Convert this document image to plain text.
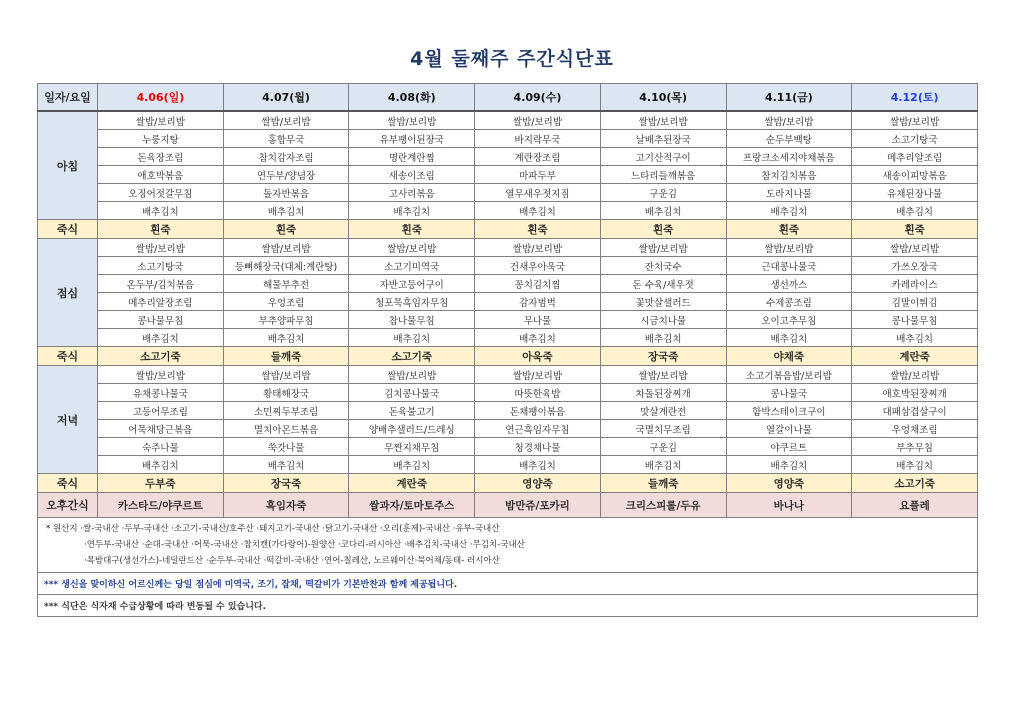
4월 둘째주 주간식단표
일자/요일	4.06(일)	4.07(월)	4.08(화)	4.09(수)	4.10(목)	4.11(금)	4.12(토)
아침	쌀밥/보리밥	쌀밥/보리밥	쌀밥/보리밥	쌀밥/보리밥	쌀밥/보리밥	쌀밥/보리밥	쌀밥/보리밥
	누룽지탕	홍합무국	유부팽이된장국	바지락무국	날배추된장국	순두부백탕	소고기탕국
	돈육장조림	참치감자조림	명란계란찜	계란장조림	고기산적구이	프랑크소세지야채볶음	메추리알조림
	애호박볶음	연두부/양념장	새송이조림	마파두부	느타리들깨볶음	참치김치볶음	새송이피망볶음
	오징어젓갈무침	돌자반볶음	고사리볶음	열무새우젓지짐	구운김	도라지나물	유채된장나물
	배추김치	배추김치	배추김치	배추김치	배추김치	배추김치	배추김치
죽식	흰죽	흰죽	흰죽	흰죽	흰죽	흰죽	흰죽
점심	쌀밥/보리밥	쌀밥/보리밥	쌀밥/보리밥	쌀밥/보리밥	쌀밥/보리밥	쌀밥/보리밥	쌀밥/보리밥
	소고기탕국	등뼈해장국(대체:계란탕)	소고기미역국	건새우아욱국	잔치국수	근대콩나물국	가쓰오장국
	온두부/김치볶음	해물부추전	자반고등어구이	꽁치김치찜	돈 수육/새우젓	생선까스	카레라이스
	메추리알장조림	우엉조림	청포묵흑임자무침	감자범벅	꽃맛살샐러드	수제콩조림	김말이튀김
	콩나물무침	부추양파무침	참나물무침	무나물	시금치나물	오이고추무침	콩나물무침
	배추김치	배추김치	배추김치	배추김치	배추김치	배추김치	배추김치
죽식	소고기죽	들깨죽	소고기죽	아욱죽	장국죽	야채죽	계란죽
저녁	쌀밥/보리밥	쌀밥/보리밥	쌀밥/보리밥	쌀밥/보리밥	쌀밥/보리밥	소고기볶음밥/보리밥	쌀밥/보리밥
	유채콩나물국	황태해장국	김치콩나물국	따뜻한육밥	차돌된장찌개	콩나물국	애호박된장찌개
	고등어무조림	소민찌두부조림	돈육불고기	돈채팽이볶음	맛살계란전	함박스테이크구이	대패삼겹살구이
	어묵채당근볶음	멸치아몬드볶음	양배추샐러드/드레싱	연근흑임자무침	국멸치무조림	열갈이나물	우엉채조림
	숙주나물	쑥갓나물	무짠지채무침	청경채나물	구운김	야쿠르트	부추무침
	배추김치	배추김치	배추김치	배추김치	배추김치	배추김치	배추김치
죽식	두부죽	장국죽	계란죽	영양죽	들깨죽	영양죽	소고기죽
오후간식	카스타드/야쿠르트	흑임자죽	쌀과자/토마토주스	밤만쥬/포카리	크리스피롤/두유	바나나	요플레

* 원산지 ·쌀-국내산 ·두부-국내산 ·소고기-국내산/호주산 ·돼지고기-국내산 ·닭고기-국내산 ·오리(훈제)-국내산 ·유부-국내산
·연두부-국내산 ·순대-국내산 ·어묵-국내산 ·참치캔(가다랑어)-원양산 ·코다리-러시아산 ·배추김치-국내산 ·무김치-국내산
·목밤대구(생선가스)-네덜란드산 ·순두부-국내산 ·떡갈비-국내산 ·연어-칠레산, 노르웨이산·북어채/동태- 러시아산							

*** 생신을 맞이하신 어르신께는 당일 점심에 미역국, 조기, 잡채, 떡갈비가 기본반찬과 함께 제공됩니다.							
*** 식단은 식자재 수급상황에 따라 변동될 수 있습니다.							
